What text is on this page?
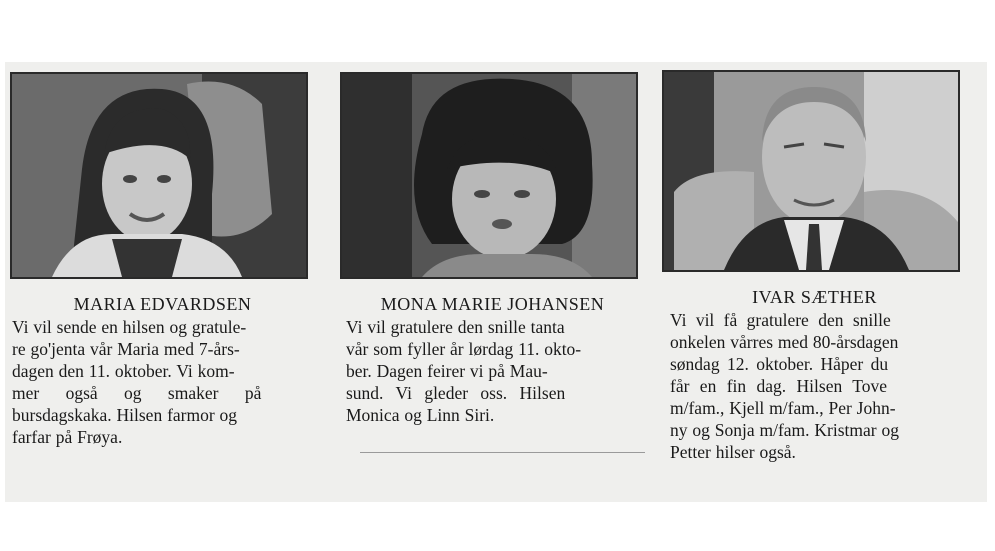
MARIA EDVARDSEN
Vi vil sende en hilsen og gratule-
re go'jenta vår Maria med 7-års-
dagen den 11. oktober. Vi kom-
mer også og smaker på
bursdagskaka. Hilsen farmor og
farfar på Frøya.
MONA MARIE JOHANSEN
Vi vil gratulere den snille tanta
vår som fyller år lørdag 11. okto-
ber. Dagen feirer vi på Mau-
sund. Vi gleder oss. Hilsen
Monica og Linn Siri.
IVAR SÆTHER
Vi vil få gratulere den snille
onkelen vårres med 80-årsdagen
søndag 12. oktober. Håper du
får en fin dag. Hilsen Tove
m/fam., Kjell m/fam., Per John-
ny og Sonja m/fam. Kristmar og
Petter hilser også.
